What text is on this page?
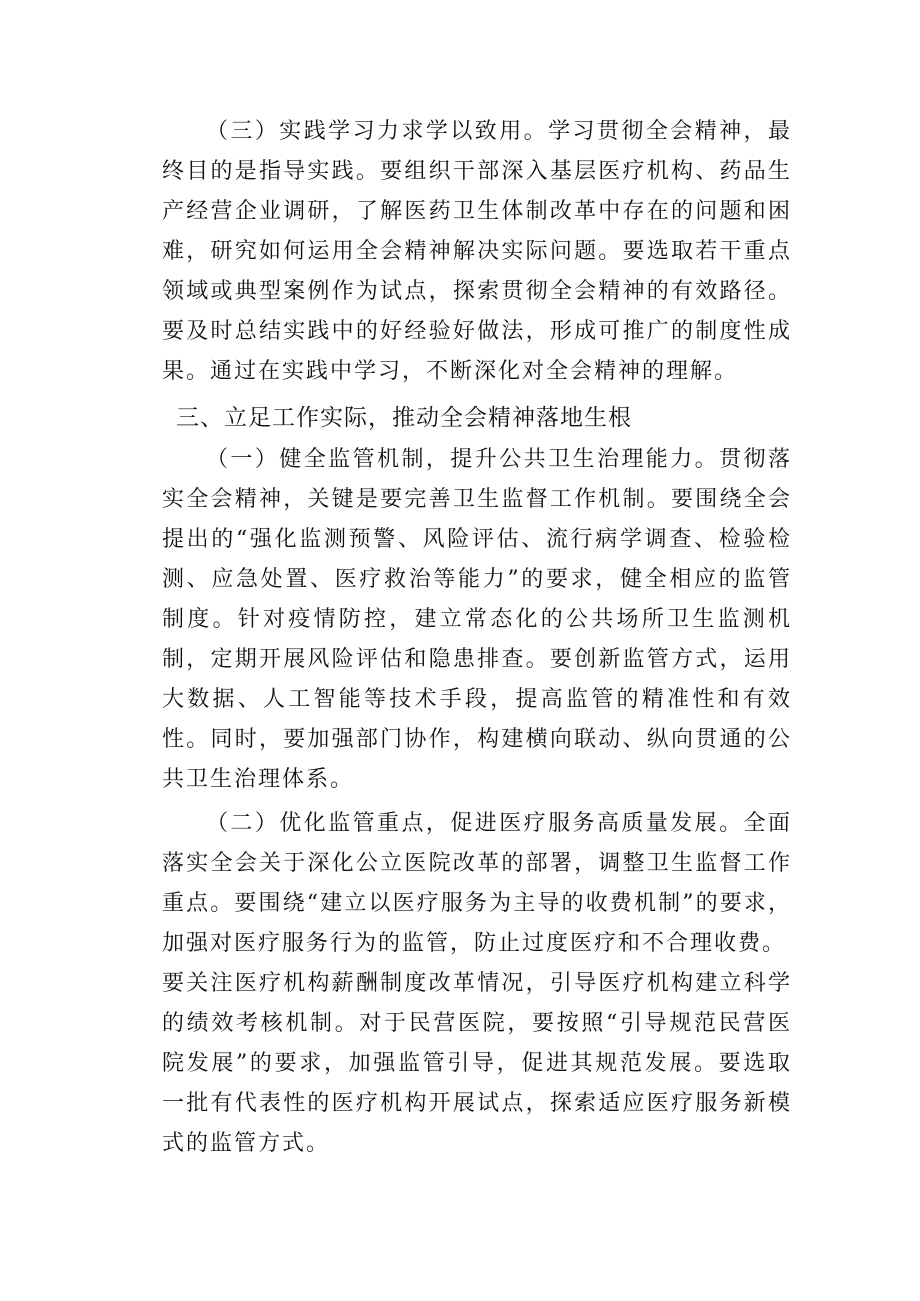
（三）实践学习力求学以致用。学习贯彻全会精神，最终目的是指导实践。要组织干部深入基层医疗机构、药品生产经营企业调研，了解医药卫生体制改革中存在的问题和困难，研究如何运用全会精神解决实际问题。要选取若干重点领域或典型案例作为试点，探索贯彻全会精神的有效路径。要及时总结实践中的好经验好做法，形成可推广的制度性成果。通过在实践中学习，不断深化对全会精神的理解。

三、立足工作实际，推动全会精神落地生根

（一）健全监管机制，提升公共卫生治理能力。贯彻落实全会精神，关键是要完善卫生监督工作机制。要围绕全会提出的“强化监测预警、风险评估、流行病学调查、检验检测、应急处置、医疗救治等能力”的要求，健全相应的监管制度。针对疫情防控，建立常态化的公共场所卫生监测机制，定期开展风险评估和隐患排查。要创新监管方式，运用大数据、人工智能等技术手段，提高监管的精准性和有效性。同时，要加强部门协作，构建横向联动、纵向贯通的公共卫生治理体系。

（二）优化监管重点，促进医疗服务高质量发展。全面落实全会关于深化公立医院改革的部署，调整卫生监督工作重点。要围绕“建立以医疗服务为主导的收费机制”的要求，加强对医疗服务行为的监管，防止过度医疗和不合理收费。

要关注医疗机构薪酬制度改革情况，引导医疗机构建立科学的绩效考核机制。对于民营医院，要按照“引导规范民营医院发展”的要求，加强监管引导，促进其规范发展。要选取一批有代表性的医疗机构开展试点，探索适应医疗服务新模式的监管方式。
